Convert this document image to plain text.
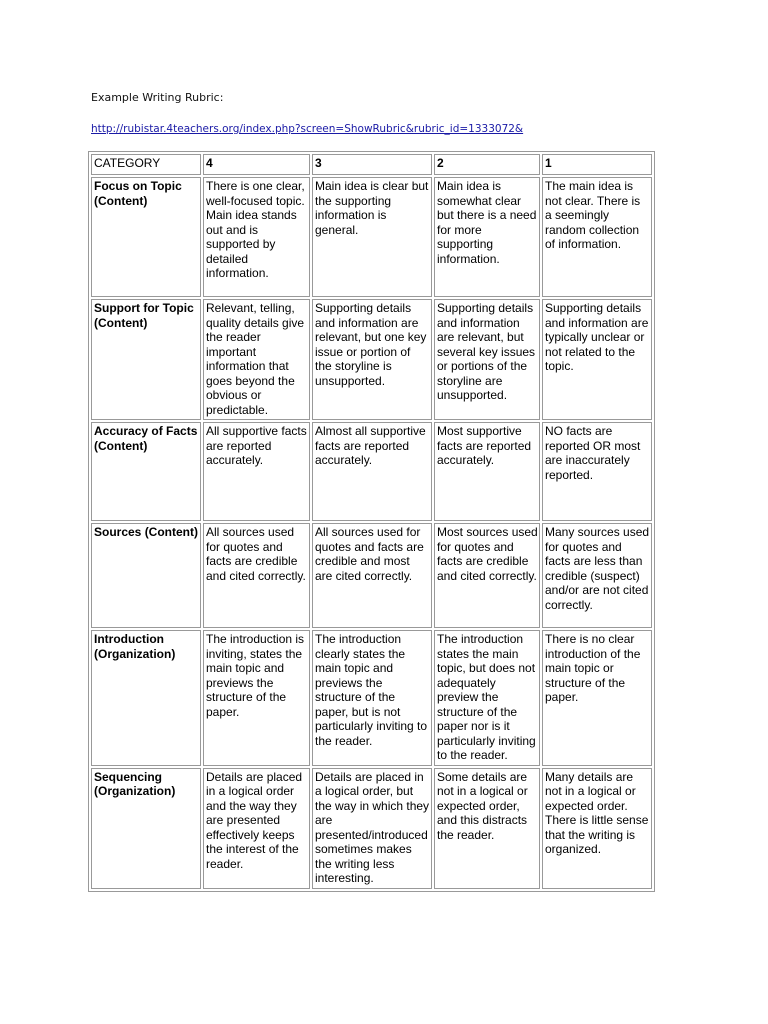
Example Writing Rubric:
http://rubistar.4teachers.org/index.php?screen=ShowRubric&rubric_id=1333072&
CATEGORY	4	3	2	1
Focus on Topic (Content)	There is one clear, well-focused topic. Main idea stands out and is supported by detailed information.	Main idea is clear but the supporting information is general.	Main idea is somewhat clear but there is a need for more supporting information.	The main idea is not clear. There is a seemingly random collection of information.
Support for Topic (Content)	Relevant, telling, quality details give the reader important information that goes beyond the obvious or predictable.	Supporting details and information are relevant, but one key issue or portion of the storyline is unsupported.	Supporting details and information are relevant, but several key issues or portions of the storyline are unsupported.	Supporting details and information are typically unclear or not related to the topic.
Accuracy of Facts (Content)	All supportive facts are reported accurately.	Almost all supportive facts are reported accurately.	Most supportive facts are reported accurately.	NO facts are reported OR most are inaccurately reported.
Sources (Content)	All sources used for quotes and facts are credible and cited correctly.	All sources used for quotes and facts are credible and most are cited correctly.	Most sources used for quotes and facts are credible and cited correctly.	Many sources used for quotes and facts are less than credible (suspect) and/or are not cited correctly.
Introduction (Organization)	The introduction is inviting, states the main topic and previews the structure of the paper.	The introduction clearly states the main topic and previews the structure of the paper, but is not particularly inviting to the reader.	The introduction states the main topic, but does not adequately preview the structure of the paper nor is it particularly inviting to the reader.	There is no clear introduction of the main topic or structure of the paper.
Sequencing (Organization)	Details are placed in a logical order and the way they are presented effectively keeps the interest of the reader.	Details are placed in a logical order, but the way in which they are presented/introduced sometimes makes the writing less interesting.	Some details are not in a logical or expected order, and this distracts the reader.	Many details are not in a logical or expected order. There is little sense that the writing is organized.
